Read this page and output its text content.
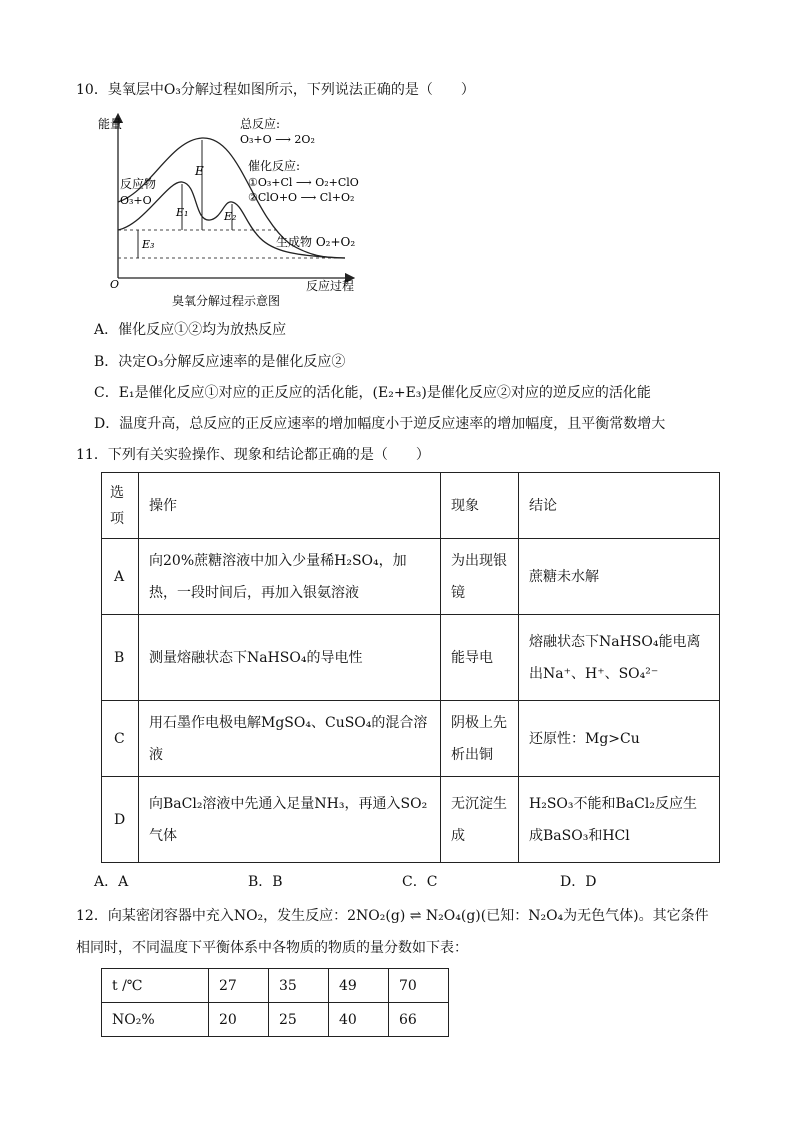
10．臭氧层中O₃分解过程如图所示，下列说法正确的是（　　）
能量
O	反应过程
臭氧分解过程示意图
E
E₁	E₂
E₃
反应物
O₃+O
生成物 O₂+O₂
总反应:
O₃+O ⟶ 2O₂
催化反应:
①O₃+Cl ⟶ O₂+ClO
②ClO+O ⟶ Cl+O₂
A．催化反应①②均为放热反应
B．决定O₃分解反应速率的是催化反应②
C．E₁是催化反应①对应的正反应的活化能，(E₂+E₃)是催化反应②对应的逆反应的活化能
D．温度升高，总反应的正反应速率的增加幅度小于逆反应速率的增加幅度，且平衡常数增大
11．下列有关实验操作、现象和结论都正确的是（　　）
选项	操作	现象	结论
A	向20%蔗糖溶液中加入少量稀H₂SO₄，加热，一段时间后，再加入银氨溶液	为出现银镜	蔗糖未水解
B	测量熔融状态下NaHSO₄的导电性	能导电	熔融状态下NaHSO₄能电离出Na⁺、H⁺、SO₄²⁻
C	用石墨作电极电解MgSO₄、CuSO₄的混合溶液	阴极上先析出铜	还原性：Mg>Cu
D	向BaCl₂溶液中先通入足量NH₃，再通入SO₂气体	无沉淀生成	H₂SO₃不能和BaCl₂反应生成BaSO₃和HCl
A．A	B．B	C．C	D．D
12．向某密闭容器中充入NO₂，发生反应：2NO₂(g) ⇌ N₂O₄(g)(已知：N₂O₄为无色气体)。其它条件
相同时，不同温度下平衡体系中各物质的物质的量分数如下表：
t /℃	27	35	49	70
NO₂%	20	25	40	66
